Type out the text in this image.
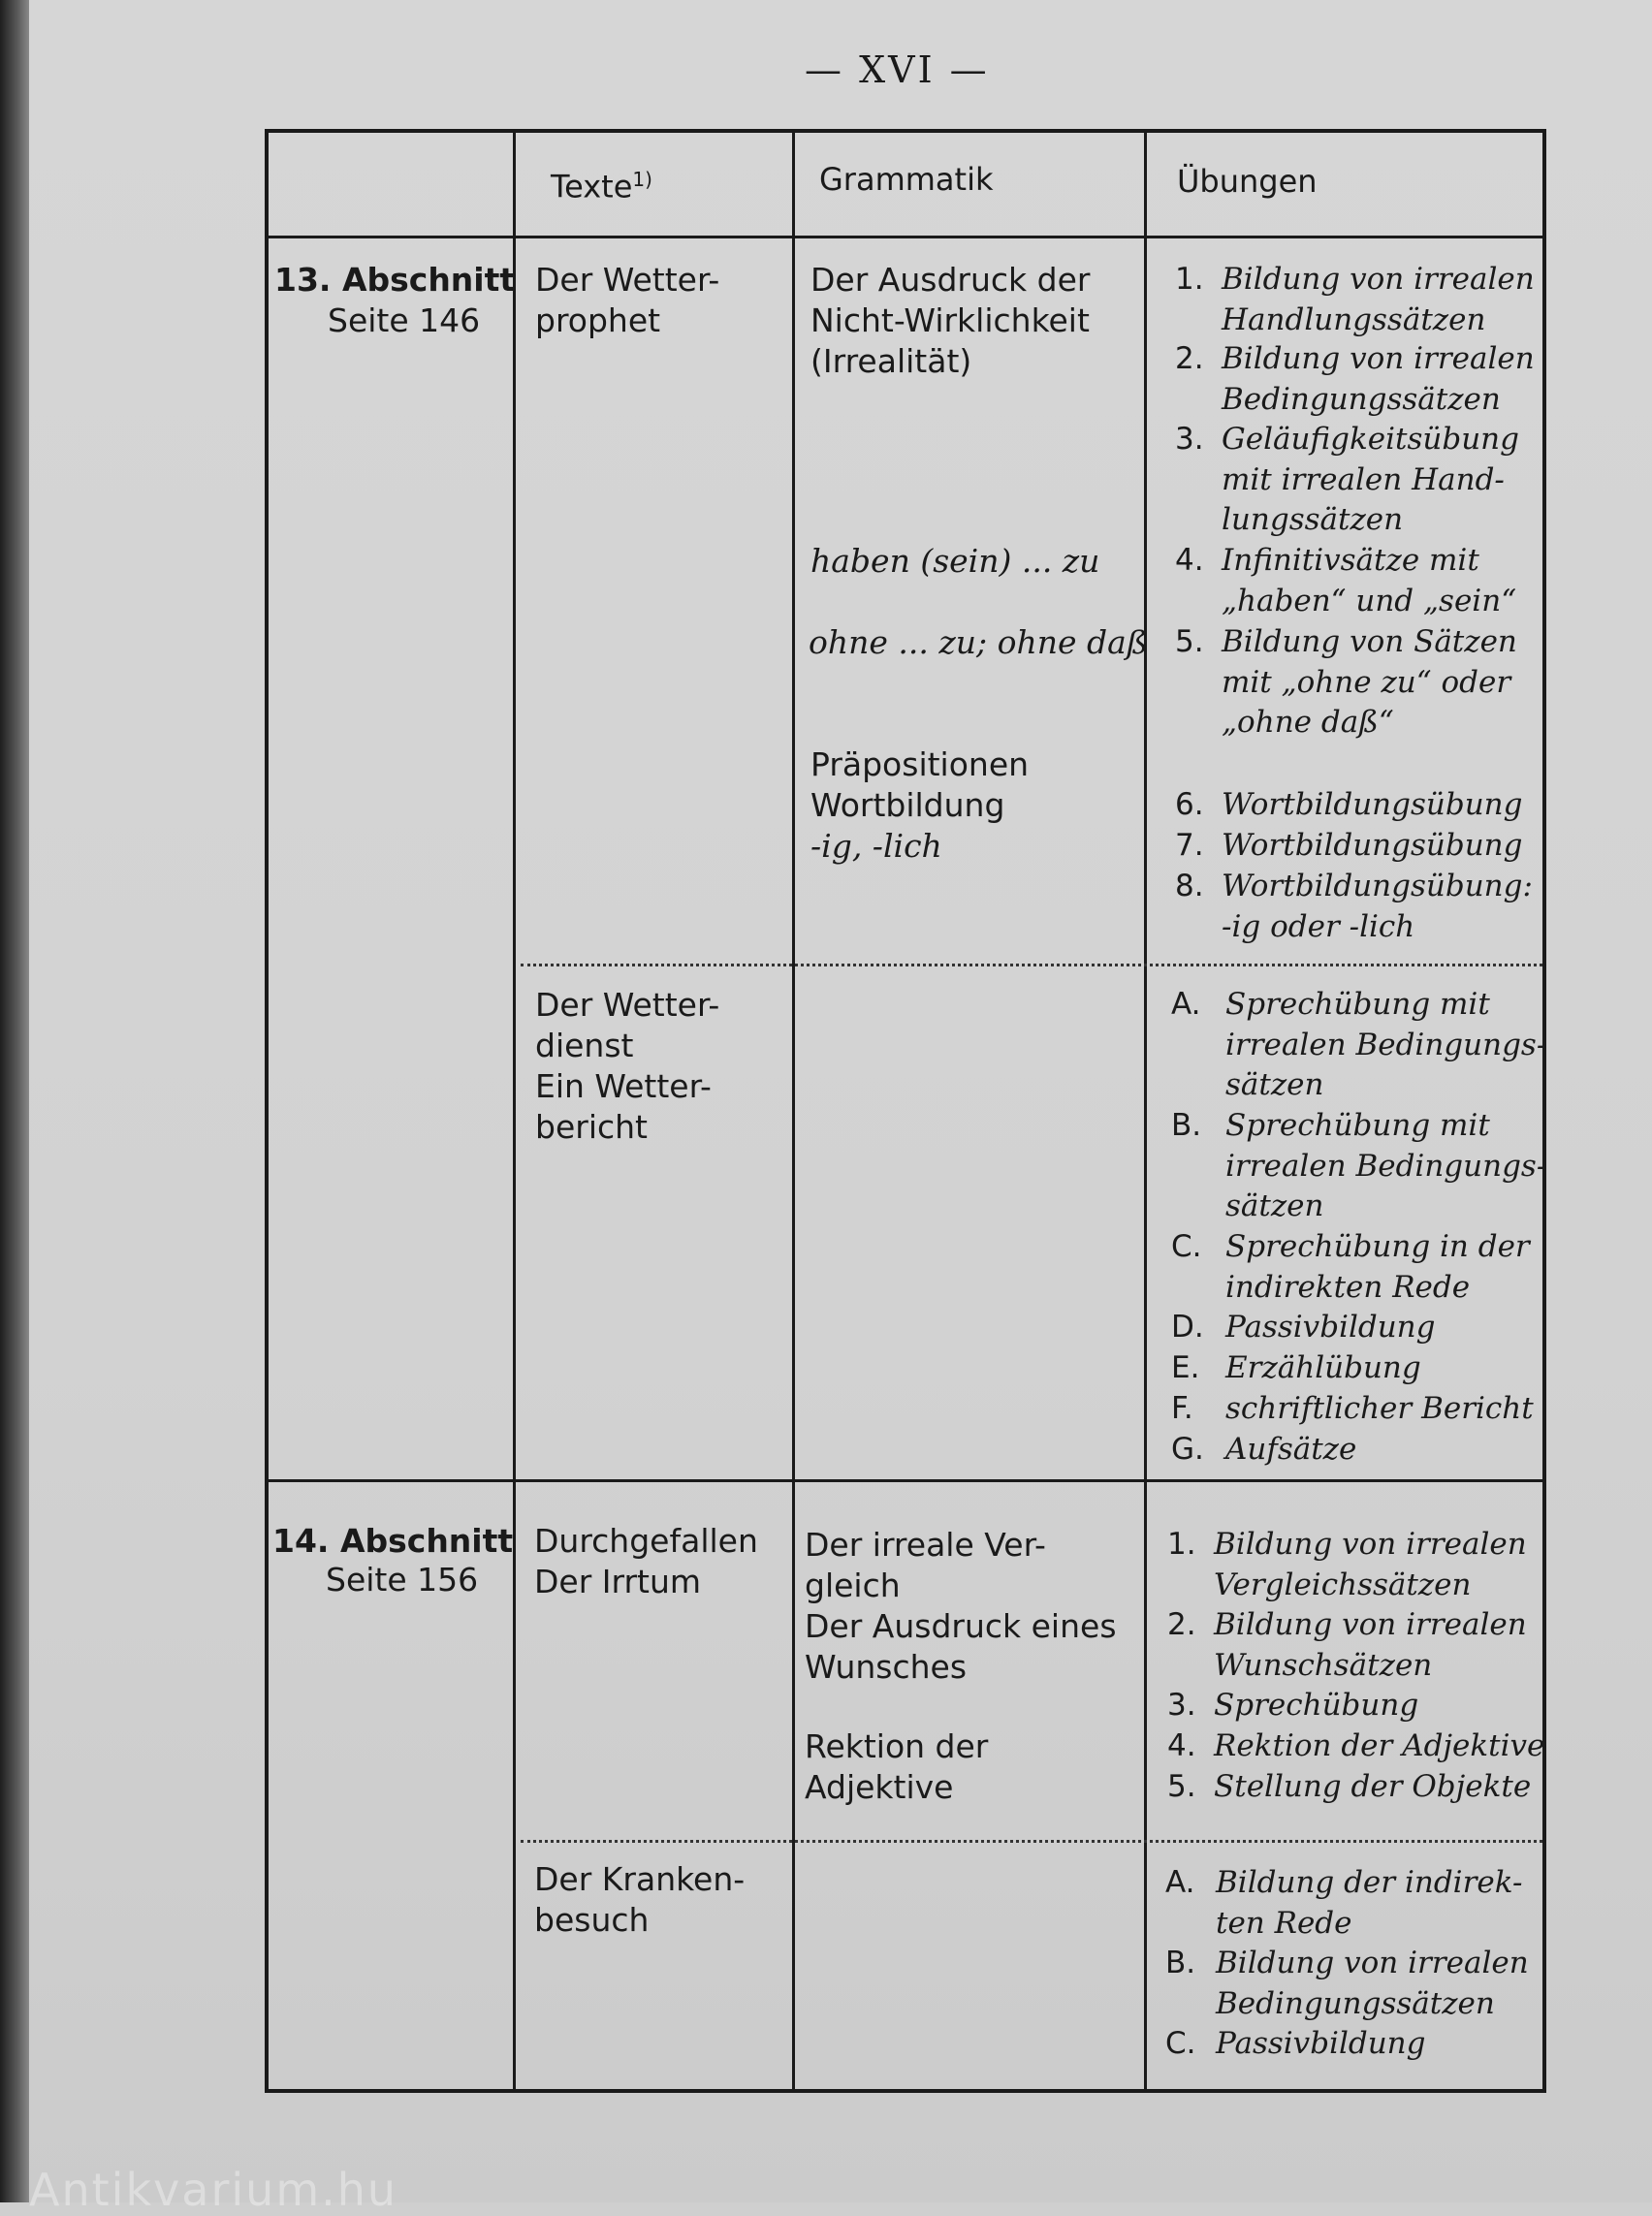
— XVI —
Texte$^{1)}$	Grammatik	Übungen
13. Abschnitt
Seite 146
Der Wetter-
prophet
Der Ausdruck der
Nicht-Wirklichkeit
(Irrealität)
haben (sein) ... zu
ohne ... zu; ohne daß
Präpositionen
Wortbildung
-ig, -lich
1. Bildung von irrealen
Handlungssätzen
2. Bildung von irrealen
Bedingungssätzen
3. Geläufigkeitsübung
mit irrealen Hand-
lungssätzen
4. Infinitivsätze mit
„haben“ und „sein“
5. Bildung von Sätzen
mit „ohne zu“ oder
„ohne daß“
6. Wortbildungsübung
7. Wortbildungsübung
8. Wortbildungsübung:
-ig oder -lich
Der Wetter-
dienst
Ein Wetter-
bericht
A. Sprechübung mit
irrealen Bedingungs-
sätzen
B. Sprechübung mit
irrealen Bedingungs-
sätzen
C. Sprechübung in der
indirekten Rede
D. Passivbildung
E. Erzählübung
F. schriftlicher Bericht
G. Aufsätze
14. Abschnitt
Seite 156
Durchgefallen
Der Irrtum
Der irreale Ver-
gleich
Der Ausdruck eines
Wunsches
Rektion der
Adjektive
1. Bildung von irrealen
Vergleichssätzen
2. Bildung von irrealen
Wunschsätzen
3. Sprechübung
4. Rektion der Adjektive
5. Stellung der Objekte
Der Kranken-
besuch
A. Bildung der indirek-
ten Rede
B. Bildung von irrealen
Bedingungssätzen
C. Passivbildung
Antikvarium.hu
